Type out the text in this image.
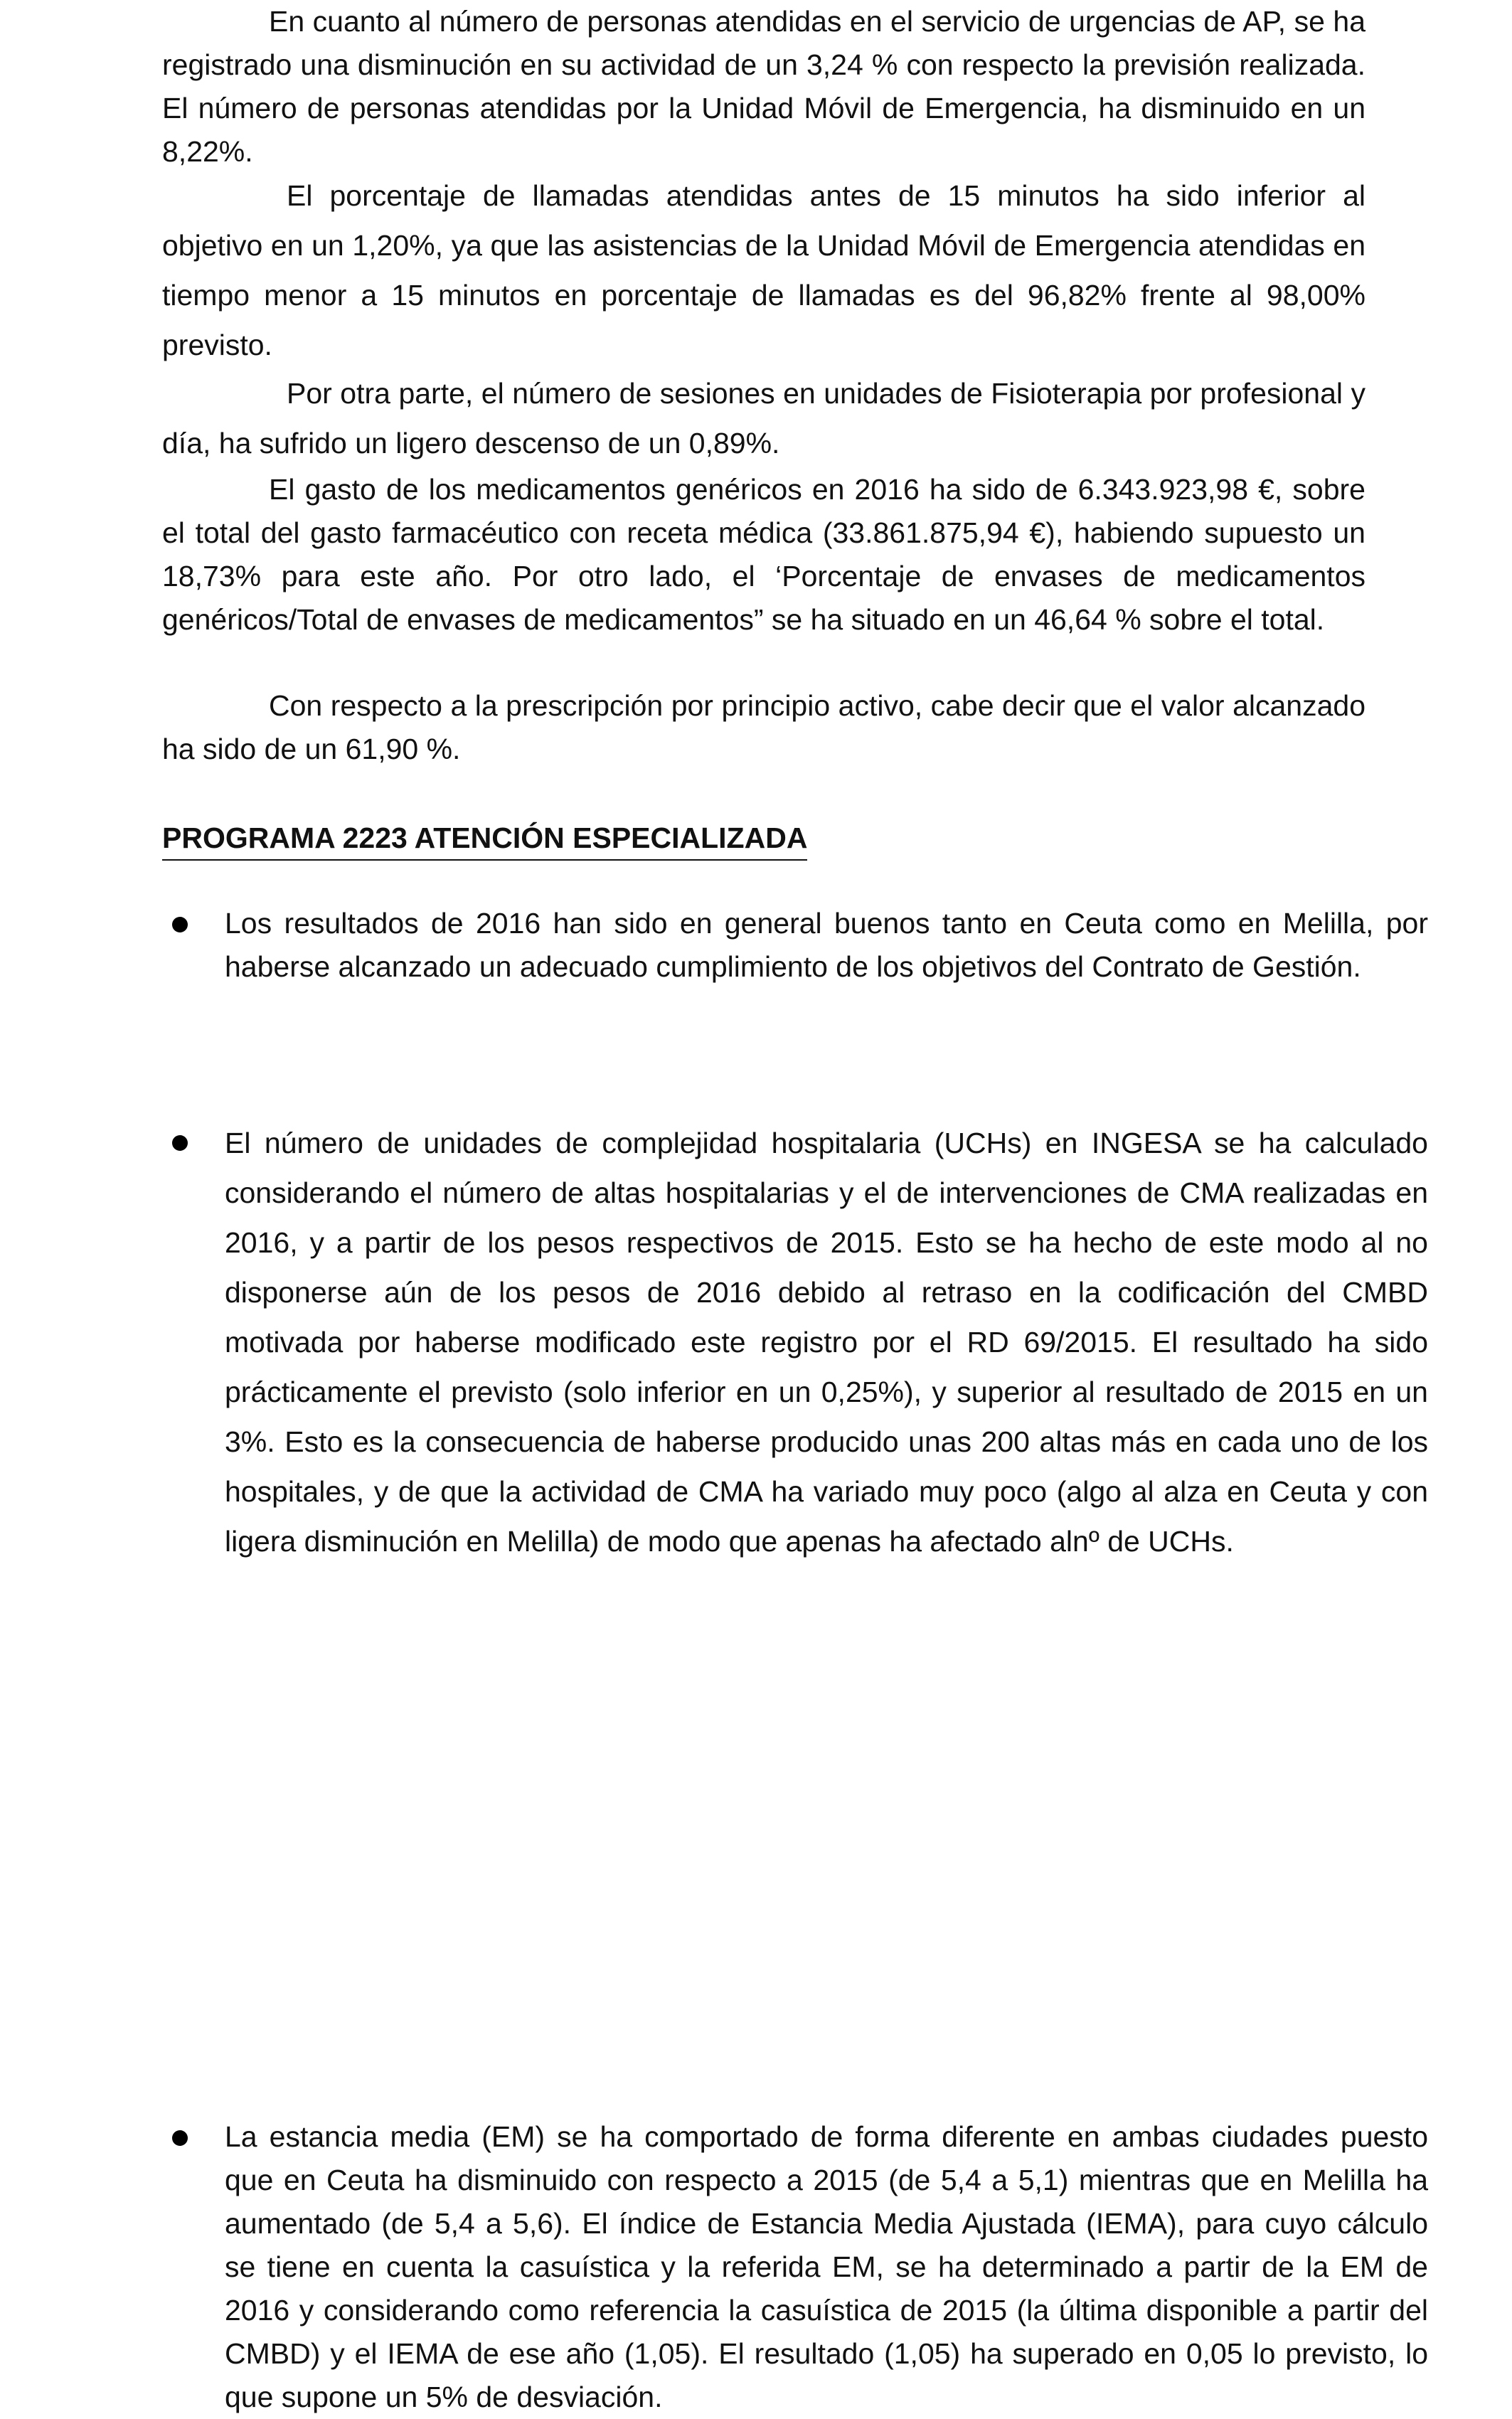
En cuanto al número de personas atendidas en el servicio de urgencias de AP, se ha registrado una disminución en su actividad de un 3,24 % con respecto la previsión realizada. El número de personas atendidas por la Unidad Móvil de Emergencia, ha disminuido en un 8,22%.

El porcentaje de llamadas atendidas antes de 15 minutos ha sido inferior al objetivo en un 1,20%, ya que las asistencias de la Unidad Móvil de Emergencia atendidas en tiempo menor a 15 minutos en porcentaje de llamadas es del 96,82% frente al 98,00% previsto.

Por otra parte, el número de sesiones en unidades de Fisioterapia por profesional y día, ha sufrido un ligero descenso de un 0,89%.

El gasto de los medicamentos genéricos en 2016 ha sido de 6.343.923,98 €, sobre el total del gasto farmacéutico con receta médica (33.861.875,94 €), habiendo supuesto un 18,73% para este año. Por otro lado, el ‘Porcentaje de envases de medicamentos genéricos/Total de envases de medicamentos” se ha situado en un 46,64 % sobre el total.

Con respecto a la prescripción por principio activo, cabe decir que el valor alcanzado ha sido de un 61,90 %.

PROGRAMA 2223 ATENCIÓN ESPECIALIZADA
Los resultados de 2016 han sido en general buenos tanto en Ceuta como en Melilla, por haberse alcanzado un adecuado cumplimiento de los objetivos del Contrato de Gestión.
El número de unidades de complejidad hospitalaria (UCHs) en INGESA se ha calculado considerando el número de altas hospitalarias y el de intervenciones de CMA realizadas en 2016, y a partir de los pesos respectivos de 2015. Esto se ha hecho de este modo al no disponerse aún de los pesos de 2016 debido al retraso en la codificación del CMBD motivada por haberse modificado este registro por el RD 69/2015. El resultado ha sido prácticamente el previsto (solo inferior en un 0,25%), y superior al resultado de 2015 en un 3%. Esto es la consecuencia de haberse producido unas 200 altas más en cada uno de los hospitales, y de que la actividad de CMA ha variado muy poco (algo al alza en Ceuta y con ligera disminución en Melilla) de modo que apenas ha afectado alnº de UCHs.
La estancia media (EM) se ha comportado de forma diferente en ambas ciudades puesto que en Ceuta ha disminuido con respecto a 2015 (de 5,4 a 5,1) mientras que en Melilla ha aumentado (de 5,4 a 5,6). El índice de Estancia Media Ajustada (IEMA), para cuyo cálculo se tiene en cuenta la casuística y la referida EM, se ha determinado a partir de la EM de 2016 y considerando como referencia la casuística de 2015 (la última disponible a partir del CMBD) y el IEMA de ese año (1,05). El resultado (1,05) ha superado en 0,05 lo previsto, lo que supone un 5% de desviación.
